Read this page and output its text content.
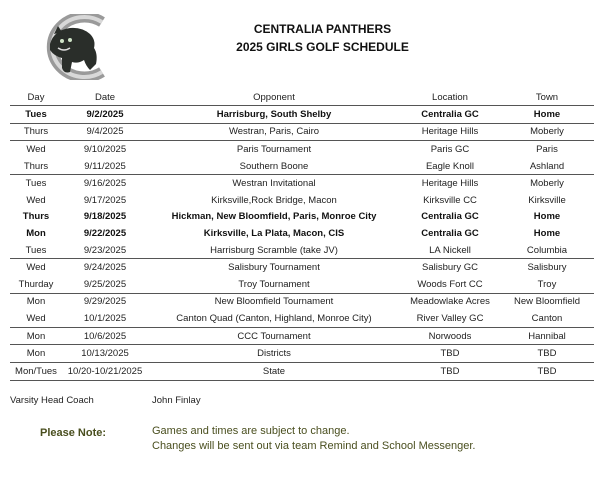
CENTRALIA PANTHERS
2025 GIRLS GOLF SCHEDULE
Day	Date	Opponent	Location	Town
Tues	9/2/2025	Harrisburg, South Shelby	Centralia GC	Home
Thurs	9/4/2025	Westran, Paris, Cairo	Heritage Hills	Moberly
Wed	9/10/2025	Paris Tournament	Paris GC	Paris
Thurs	9/11/2025	Southern Boone	Eagle Knoll	Ashland
Tues	9/16/2025	Westran Invitational	Heritage Hills	Moberly
Wed	9/17/2025	Kirksville,Rock Bridge, Macon	Kirksville CC	Kirksville
Thurs	9/18/2025	Hickman, New Bloomfield, Paris, Monroe City	Centralia GC	Home
Mon	9/22/2025	Kirksville, La Plata, Macon, CIS	Centralia GC	Home
Tues	9/23/2025	Harrisburg Scramble (take JV)	LA Nickell	Columbia
Wed	9/24/2025	Salisbury Tournament	Salisbury GC	Salisbury
Thurday	9/25/2025	Troy Tournament	Woods Fort CC	Troy
Mon	9/29/2025	New Bloomfield Tournament	Meadowlake Acres	New Bloomfield
Wed	10/1/2025	Canton Quad (Canton, Highland, Monroe City)	River Valley GC	Canton
Mon	10/6/2025	CCC Tournament	Norwoods	Hannibal
Mon	10/13/2025	Districts	TBD	TBD
Mon/Tues	10/20-10/21/2025	State	TBD	TBD
Varsity Head Coach	John Finlay
Please Note:	Games and times are subject to change.
Changes will be sent out via team Remind and School Messenger.
